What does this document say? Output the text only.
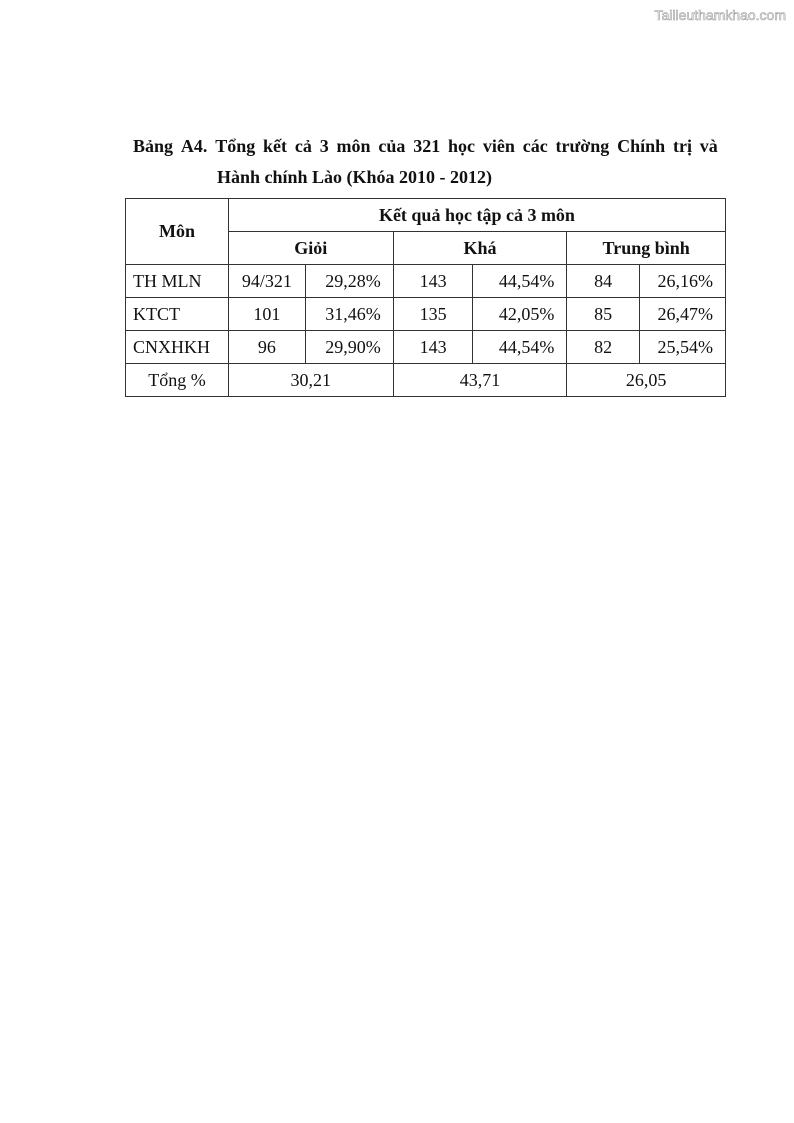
Tailieuthamkhao.com
Bảng A4. Tổng kết cả 3 môn của 321 học viên các trường Chính trị và
Hành chính Lào (Khóa 2010 - 2012)
Môn	Kết quả học tập cả 3 môn					
	Giỏi		Khá		Trung bình	
TH MLN	94/321	29,28%	143	44,54%	84	26,16%
KTCT	101	31,46%	135	42,05%	85	26,47%
CNXHKH	96	29,90%	143	44,54%	82	25,54%
Tổng %	30,21		43,71		26,05	
